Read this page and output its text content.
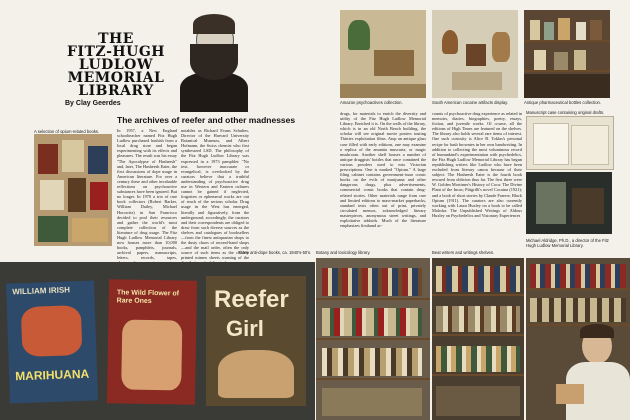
THE
FITZ-HUGH
LUDLOW
MEMORIAL
LIBRARY
By Clay Geerdes
The archives of reefer and other madnesses
A selection of opium-related books.	In 1957, a New England schoolteacher named Fitz Hugh Ludlow purchased hashish from a local drug store and began experimenting with its effects and pleasures. The result was his essay "The Apocalypse of Hasheesh" and, later, The Hasheesh Eater, the first discussions of dope usage in American literature. For over a century these and other invaluable reflections on psychoactive substances have been ignored. But no longer. In 1970 a trio of rare book collectors (Robert Barker, William Dailey, Michael Horowitz) in San Francisco decided to pool their resources and gather the world's most complete collection of the literature of drug usage. The Fitz Hugh Ludlow Memorial Library now houses more than 10,000 books, pamphlets, journals, archival papers, manuscripts, letters, records, tapes,
notables as Richard Evans Schultes, Director of the Harvard University Botanical Museum, and Albert Hofmann, the Swiss chemist who first synthesized LSD. The philosophy of the Fitz Hugh Ludlow Library was expressed in a 1973 pamphlet: "No text, however inaccurate or evangelical, is overlooked by the curators believe that a truthful understanding of psychoactive drug use in Western and Eastern cultures cannot be gained if neglected, forgotten or ephemeral works are out of reach of the serious scholar. Drug usage in the West has emerged, literally and figuratively, from the underground; accordingly, the curators and their correspondents are obliged to draw from such diverse sources as the shelves and catalogues of booksellers—from the finest antiquarian shops to the dusty chaos of second-hand shops—and the mail order, often the only source of such items as the crudely printed mimeo sheets warning of the
drugs, for materials to enrich the diversity and utility of the Fitz Hugh Ludlow Memorial Library. Enriched it is. On the walls of the library, which is in an old North Beach building, the scholar will see original movie posters touting Thirties exploitation films. Atop an antique glass case filled with early editions, one may examine a replica of the amanita muscaria, or magic mushroom. Another shelf houses a number of antique druggists' bottles that once contained the various powders used to mix Victorian prescriptions. One is marked "Opium." A large filing cabinet contains government-issue comic books on the evils of marijuana and other dangerous drugs, plus advertisements, commercial comic books that contain drug-related stories. Other materials range from rare and limited editions to mass-market paperbacks, standard texts often out of print, privately circulated memos, acknowledged literary masterpieces, anonymous street writings, and exploitative tabloids. Much of the literature emphasizes firsthand ac-
counts of psychoactive drug experience as related in memoirs, diaries, biographies, poetry, essays, fiction, and juvenile works. Of course, all the editions of High Times are featured on the shelves. The library also holds several rare items of interest. One such curiosity is Alice B. Toklas's personal recipe for hash brownies in her own handwriting. In addition to collecting the most voluminous record of humankind's experimentation with psychedelics, the Fitz Hugh Ludlow Memorial Library has begun republishing writers like Ludlow who have been excluded from literary canon because of their subject. The Hasheesh Eater is the fourth book rescued from oblivion thus far. The first three were W. Golden Mortimer's History of Coca: The Divine Plant of the Incas; Pitigrilli's novel Cocaina (1921); and a book of short stories by Claude Farrere, Black Opium (1911). The curators are also currently working with Laura Huxley on a book to be called Moksha: The Unpublished Writings of Aldous Huxley on Psychedelics and Visionary Experiences
Amazon psychoactives collection.	South American cocaine artifacts display.	Antique pharmaceutical bottles collection.
Manuscript case containing original drafts.
WILLIAM IRISH
MARIHUANA
The Wild Flower of Rare Ones	Reefer
Girl
Three anti-dope books, ca. 1940's-50's.	Botany and toxicology library.	Beat writers and writings shelves.
Michael Aldridge, Ph.D., a director of the Fitz Hugh Ludlow Memorial Library.
